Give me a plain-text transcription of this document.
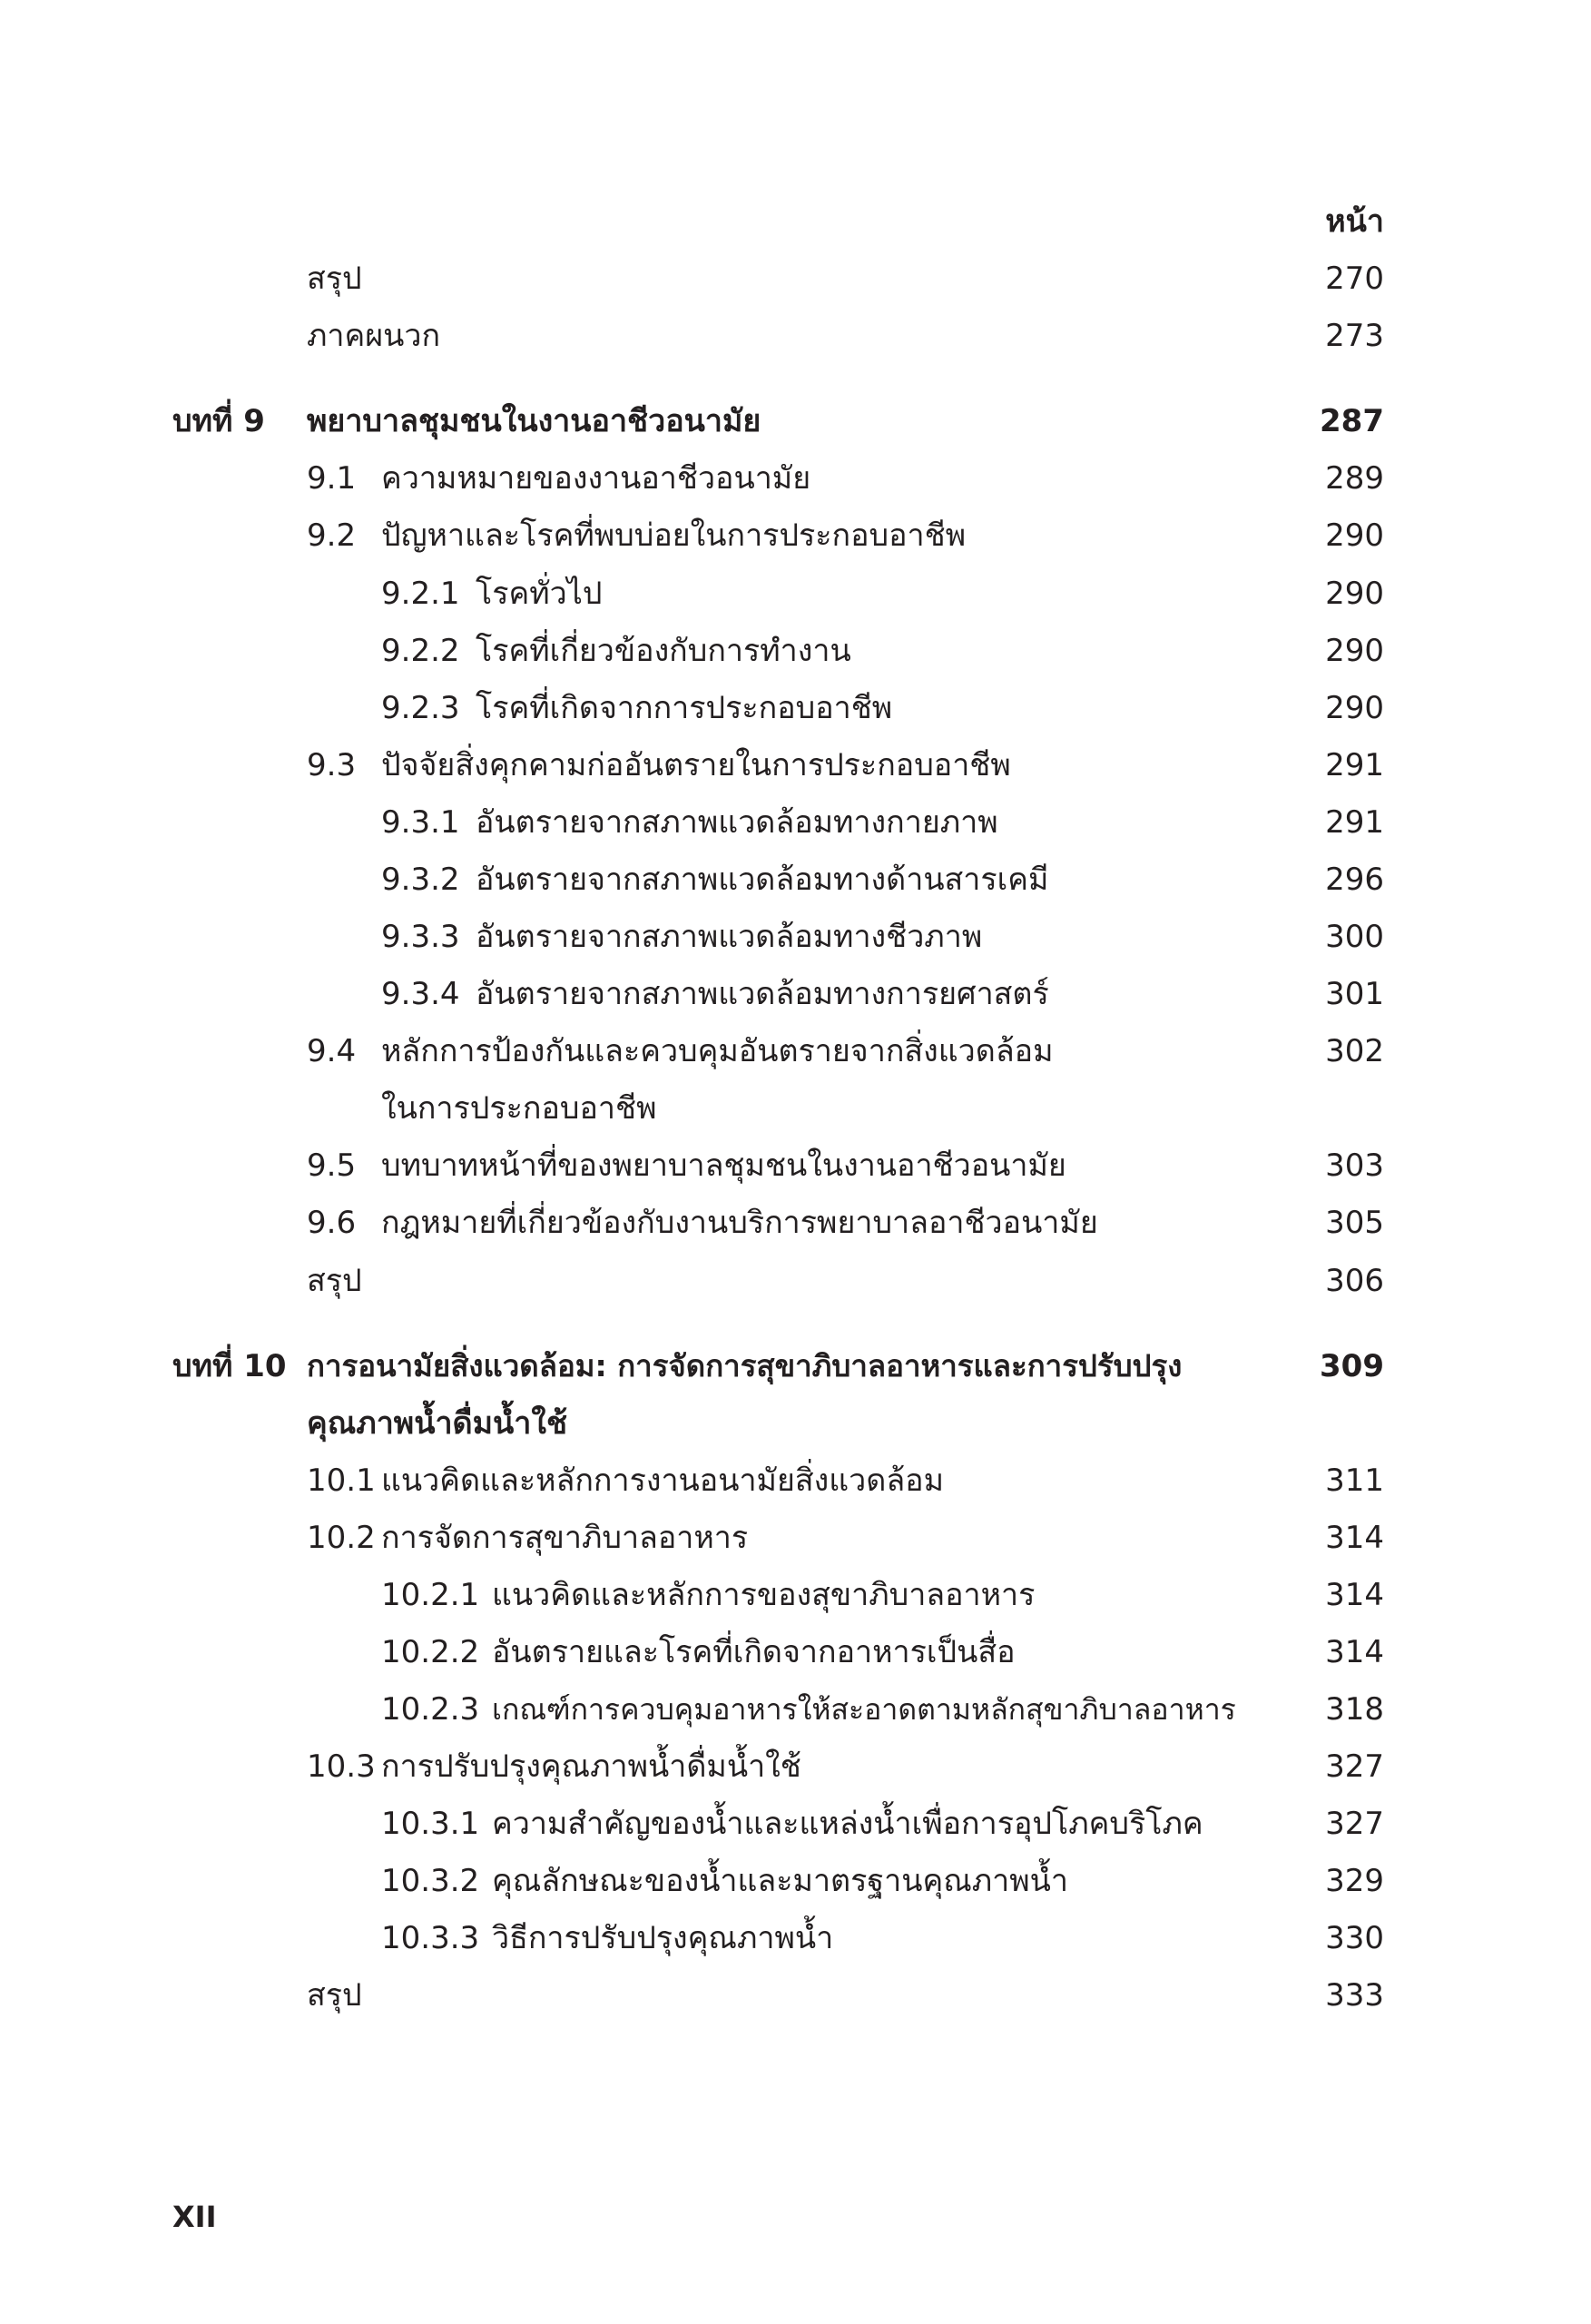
หน้า
สรุป	270
ภาคผนวก	273
บทที่ 9 พยาบาลชุมชนในงานอาชีวอนามัย	287
9.1 ความหมายของงานอาชีวอนามัย	289
9.2 ปัญหาและโรคที่พบบ่อยในการประกอบอาชีพ	290
9.2.1 โรคทั่วไป	290
9.2.2 โรคที่เกี่ยวข้องกับการทำงาน	290
9.2.3 โรคที่เกิดจากการประกอบอาชีพ	290
9.3 ปัจจัยสิ่งคุกคามก่ออันตรายในการประกอบอาชีพ	291
9.3.1 อันตรายจากสภาพแวดล้อมทางกายภาพ	291
9.3.2 อันตรายจากสภาพแวดล้อมทางด้านสารเคมี	296
9.3.3 อันตรายจากสภาพแวดล้อมทางชีวภาพ	300
9.3.4 อันตรายจากสภาพแวดล้อมทางการยศาสตร์	301
9.4 หลักการป้องกันและควบคุมอันตรายจากสิ่งแวดล้อม	302
ในการประกอบอาชีพ
9.5 บทบาทหน้าที่ของพยาบาลชุมชนในงานอาชีวอนามัย	303
9.6 กฎหมายที่เกี่ยวข้องกับงานบริการพยาบาลอาชีวอนามัย	305
สรุป	306
บทที่ 10 การอนามัยสิ่งแวดล้อม: การจัดการสุขาภิบาลอาหารและการปรับปรุง	309
คุณภาพน้ำดื่มน้ำใช้
10.1 แนวคิดและหลักการงานอนามัยสิ่งแวดล้อม	311
10.2 การจัดการสุขาภิบาลอาหาร	314
10.2.1 แนวคิดและหลักการของสุขาภิบาลอาหาร	314
10.2.2 อันตรายและโรคที่เกิดจากอาหารเป็นสื่อ	314
10.2.3 เกณฑ์การควบคุมอาหารให้สะอาดตามหลักสุขาภิบาลอาหาร	318
10.3 การปรับปรุงคุณภาพน้ำดื่มน้ำใช้	327
10.3.1 ความสำคัญของน้ำและแหล่งน้ำเพื่อการอุปโภคบริโภค	327
10.3.2 คุณลักษณะของน้ำและมาตรฐานคุณภาพน้ำ	329
10.3.3 วิธีการปรับปรุงคุณภาพน้ำ	330
สรุป	333
XII
